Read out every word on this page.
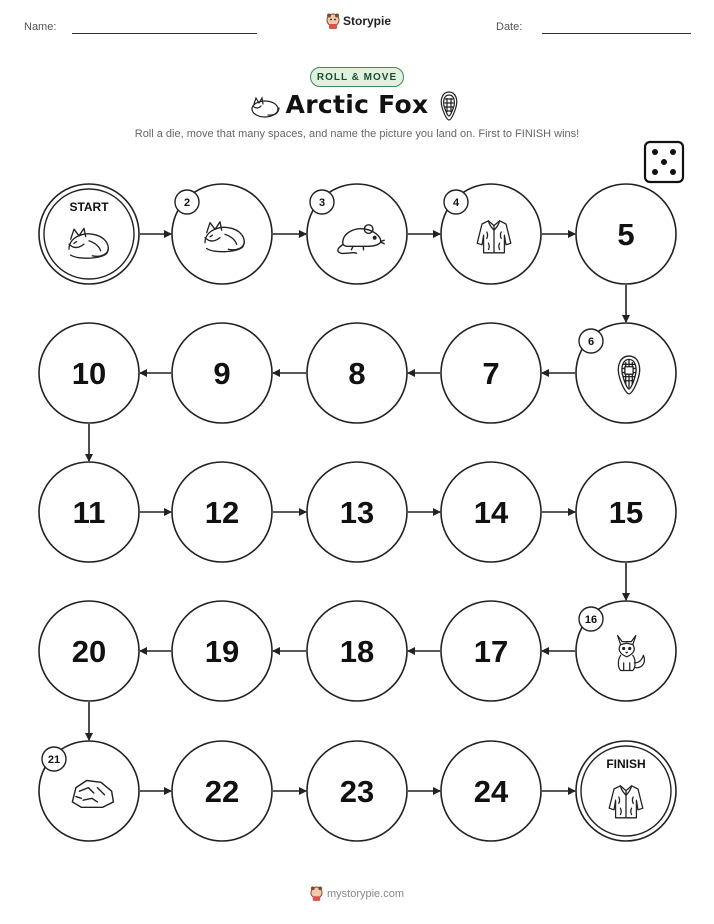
Name:	Storypie	Date:
ROLL & MOVE
Arctic Fox
Roll a die, move that many spaces, and name the picture you land on. First to FINISH wins!
START	2	3	4
5
6
7
8
9
10
11	12	13	14	15
16
17
18
19
20
21
22	23	24
FINISH
mystorypie.com
